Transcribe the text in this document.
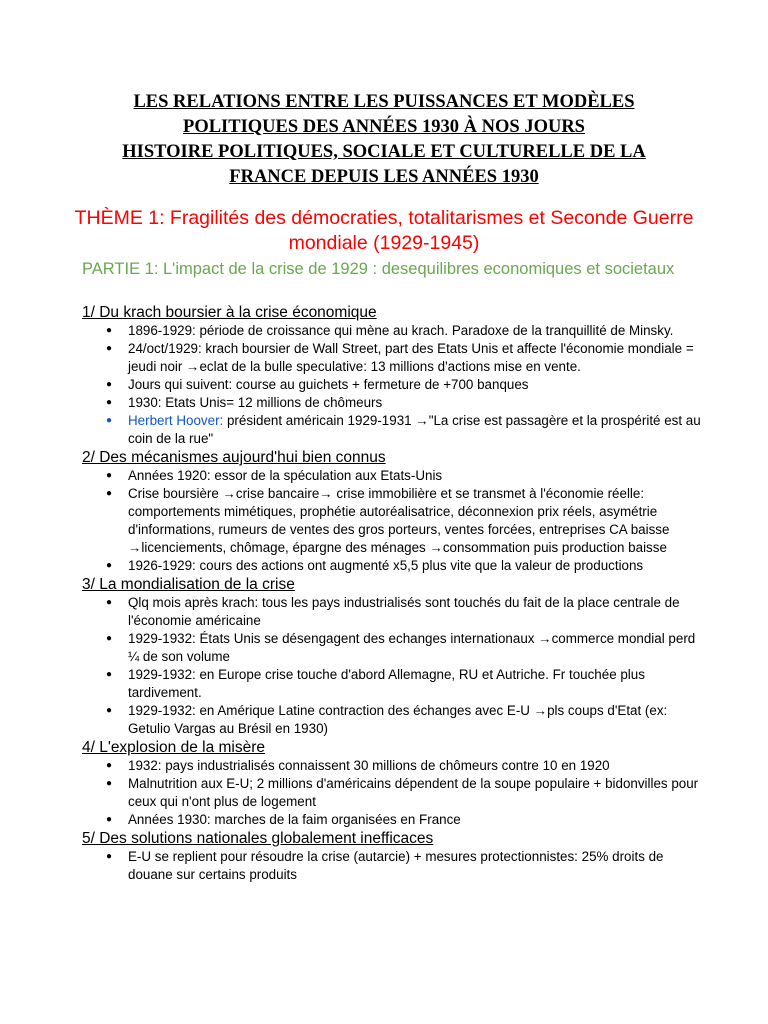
LES RELATIONS ENTRE LES PUISSANCES ET MODÈLES
POLITIQUES DES ANNÉES 1930 À NOS JOURS
HISTOIRE POLITIQUES, SOCIALE ET CULTURELLE DE LA
FRANCE DEPUIS LES ANNÉES 1930
THÈME 1: Fragilités des démocraties, totalitarismes et Seconde Guerre mondiale (1929-1945)
PARTIE 1: L'impact de la crise de 1929 : desequilibres economiques et societaux
1/ Du krach boursier à la crise économique
● 1896-1929: période de croissance qui mène au krach. Paradoxe de la tranquillité de Minsky.
● 24/oct/1929: krach boursier de Wall Street, part des Etats Unis et affecte l'économie mondiale = jeudi noir →eclat de la bulle speculative: 13 millions d'actions mise en vente.
● Jours qui suivent: course au guichets + fermeture de +700 banques
● 1930: Etats Unis= 12 millions de chômeurs
● Herbert Hoover: président américain 1929-1931 →"La crise est passagère et la prospérité est au coin de la rue"
2/ Des mécanismes aujourd'hui bien connus
● Années 1920: essor de la spéculation aux Etats-Unis
● Crise boursière →crise bancaire→ crise immobilière et se transmet à l'économie réelle: comportements mimétiques, prophétie autoréalisatrice, déconnexion prix réels, asymétrie d'informations, rumeurs de ventes des gros porteurs, ventes forcées, entreprises CA baisse →licenciements, chômage, épargne des ménages →consommation puis production baisse
● 1926-1929: cours des actions ont augmenté x5,5 plus vite que la valeur de productions
3/ La mondialisation de la crise
● Qlq mois après krach: tous les pays industrialisés sont touchés du fait de la place centrale de l'économie américaine
● 1929-1932: États Unis se désengagent des echanges internationaux →commerce mondial perd ¼ de son volume
● 1929-1932: en Europe crise touche d'abord Allemagne, RU et Autriche. Fr touchée plus tardivement.
● 1929-1932: en Amérique Latine contraction des échanges avec E-U →pls coups d'Etat (ex: Getulio Vargas au Brésil en 1930)
4/ L'explosion de la misère
● 1932: pays industrialisés connaissent 30 millions de chômeurs contre 10 en 1920
● Malnutrition aux E-U; 2 millions d'américains dépendent de la soupe populaire + bidonvilles pour ceux qui n'ont plus de logement
● Années 1930: marches de la faim organisées en France
5/ Des solutions nationales globalement inefficaces
● E-U se replient pour résoudre la crise (autarcie) + mesures protectionnistes: 25% droits de douane sur certains produits
